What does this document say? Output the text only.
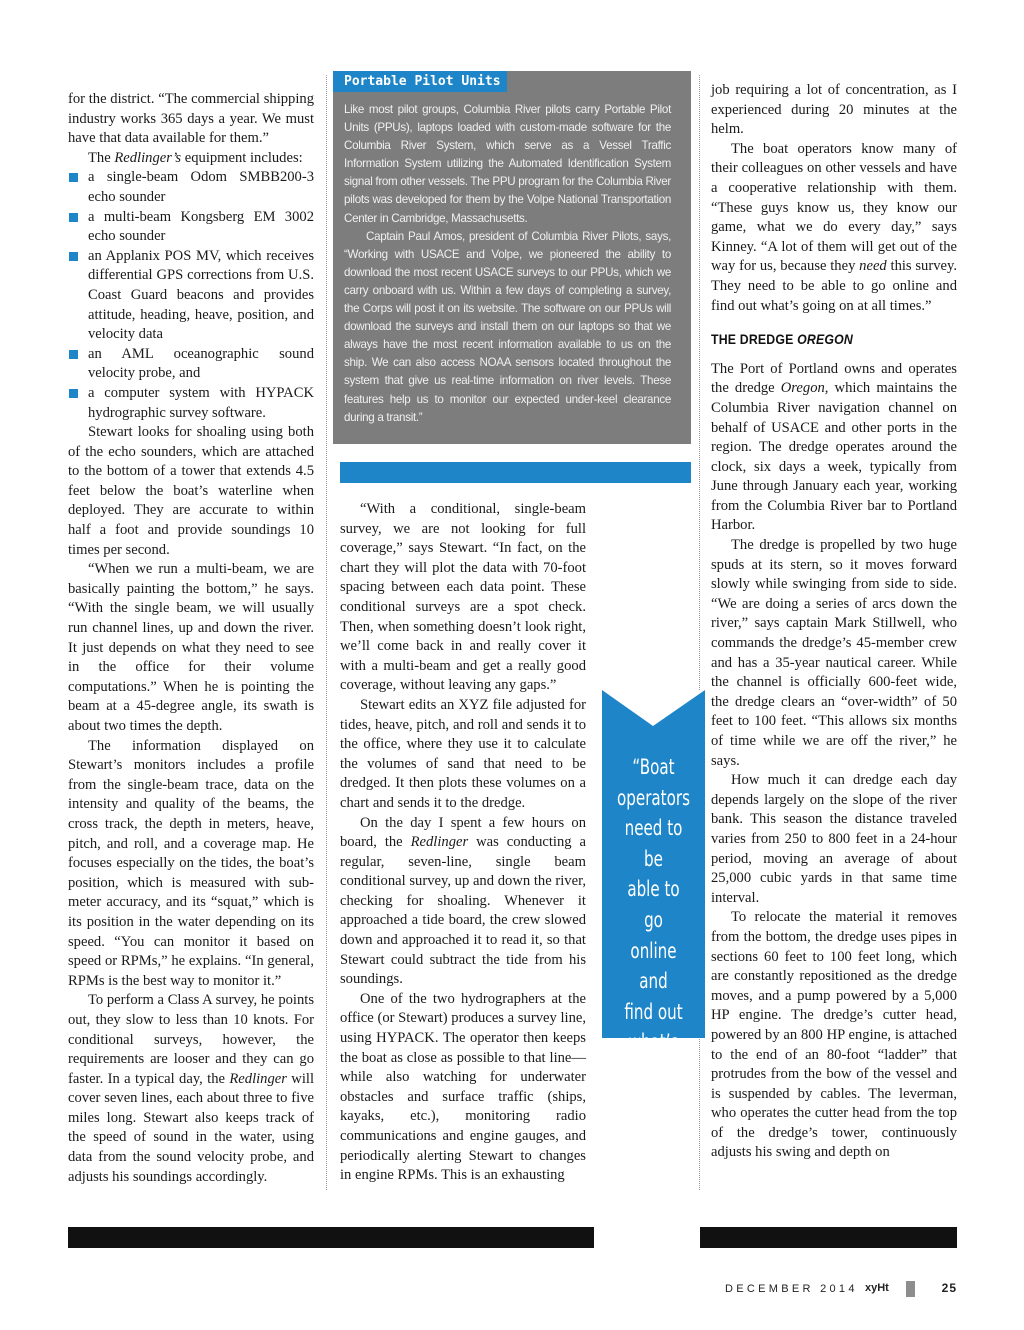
for the district. “The commercial shipping industry works 365 days a year. We must have that data available for them.”

The Redlinger’s equipment includes:

a single-beam Odom SMBB200-3 echo sounder
a multi-beam Kongsberg EM 3002 echo sounder
an Applanix POS MV, which receives differential GPS corrections from U.S. Coast Guard beacons and provides attitude, heading, heave, position, and velocity data
an AML oceanographic sound velocity probe, and
a computer system with HYPACK hydrographic survey software.

Stewart looks for shoaling using both of the echo sounders, which are attached to the bottom of a tower that extends 4.5 feet below the boat’s waterline when deployed. They are accurate to within half a foot and provide soundings 10 times per second.

“When we run a multi-beam, we are basically painting the bottom,” he says. “With the single beam, we will usually run channel lines, up and down the river. It just depends on what they need to see in the office for their volume computations.” When he is pointing the beam at a 45-degree angle, its swath is about two times the depth.

The information displayed on Stewart’s monitors includes a profile from the single-beam trace, data on the intensity and quality of the beams, the cross track, the depth in meters, heave, pitch, and roll, and a coverage map. He focuses especially on the tides, the boat’s position, which is measured with sub-meter accuracy, and its “squat,” which is its position in the water depending on its speed. “You can monitor it based on speed or RPMs,” he explains. “In general, RPMs is the best way to monitor it.”

To perform a Class A survey, he points out, they slow to less than 10 knots. For conditional surveys, however, the requirements are looser and they can go faster. In a typical day, the Redlinger will cover seven lines, each about three to five miles long. Stewart also keeps track of the speed of sound in the water, using data from the sound velocity probe, and adjusts his soundings accordingly.

Portable Pilot Units

Like most pilot groups, Columbia River pilots carry Portable Pilot Units (PPUs), laptops loaded with custom-made software for the Columbia River System, which serve as a Vessel Traffic Information System utilizing the Automated Identification System signal from other vessels. The PPU program for the Columbia River pilots was developed for them by the Volpe National Transportation Center in Cambridge, Massachusetts.

Captain Paul Amos, president of Columbia River Pilots, says, “Working with USACE and Volpe, we pioneered the ability to download the most recent USACE surveys to our PPUs, which we carry onboard with us. Within a few days of completing a survey, the Corps will post it on its website. The software on our PPUs will download the surveys and install them on our laptops so that we always have the most recent information available to us on the ship. We can also access NOAA sensors located throughout the system that give us real-time information on river levels. These features help us to monitor our expected under-keel clearance during a transit.”

“With a conditional, single-beam survey, we are not looking for full coverage,” says Stewart. “In fact, on the chart they will plot the data with 70-foot spacing between each data point. These conditional surveys are a spot check. Then, when something doesn’t look right, we’ll come back in and really cover it with a multi-beam and get a really good coverage, without leaving any gaps.”

Stewart edits an XYZ file adjusted for tides, heave, pitch, and roll and sends it to the office, where they use it to calculate the volumes of sand that need to be dredged. It then plots these volumes on a chart and sends it to the dredge.

On the day I spent a few hours on board, the Redlinger was conducting a regular, seven-line, single beam conditional survey, up and down the river, checking for shoaling. Whenever it approached a tide board, the crew slowed down and approached it to read it, so that Stewart could subtract the tide from his soundings.

One of the two hydrographers at the office (or Stewart) produces a survey line, using HYPACK. The operator then keeps the boat as close as possible to that line—while also watching for underwater obstacles and surface traffic (ships, kayaks, etc.), monitoring radio communications and engine gauges, and periodically alerting Stewart to changes in engine RPMs. This is an exhausting

“Boat
operators
need to be
able to go
online and
find out
what’s
going on at
all times.”

job requiring a lot of concentration, as I experienced during 20 minutes at the helm.

The boat operators know many of their colleagues on other vessels and have a cooperative relationship with them. “These guys know us, they know our game, what we do every day,” says Kinney. “A lot of them will get out of the way for us, because they need this survey. They need to be able to go online and find out what’s going on at all times.”

THE DREDGE OREGON

The Port of Portland owns and operates the dredge Oregon, which maintains the Columbia River navigation channel on behalf of USACE and other ports in the region. The dredge operates around the clock, six days a week, typically from June through January each year, working from the Columbia River bar to Portland Harbor.

The dredge is propelled by two huge spuds at its stern, so it moves forward slowly while swinging from side to side. “We are doing a series of arcs down the river,” says captain Mark Stillwell, who commands the dredge’s 45-member crew and has a 35-year nautical career. While the channel is officially 600-feet wide, the dredge clears an “over-width” of 50 feet to 100 feet. “This allows six months of time while we are off the river,” he says.

How much it can dredge each day depends largely on the slope of the river bank. This season the distance traveled varies from 250 to 800 feet in a 24-hour period, moving an average of about 25,000 cubic yards in that same time interval.

To relocate the material it removes from the bottom, the dredge uses pipes in sections 60 feet to 100 feet long, which are constantly repositioned as the dredge moves, and a pump powered by a 5,000 HP engine. The dredge’s cutter head, powered by an 800 HP engine, is attached to the end of an 80-foot “ladder” that protrudes from the bow of the vessel and is suspended by cables. The leverman, who operates the cutter head from the top of the dredge’s tower, continuously adjusts his swing and depth on

DECEMBER 2014 xyHt	25
